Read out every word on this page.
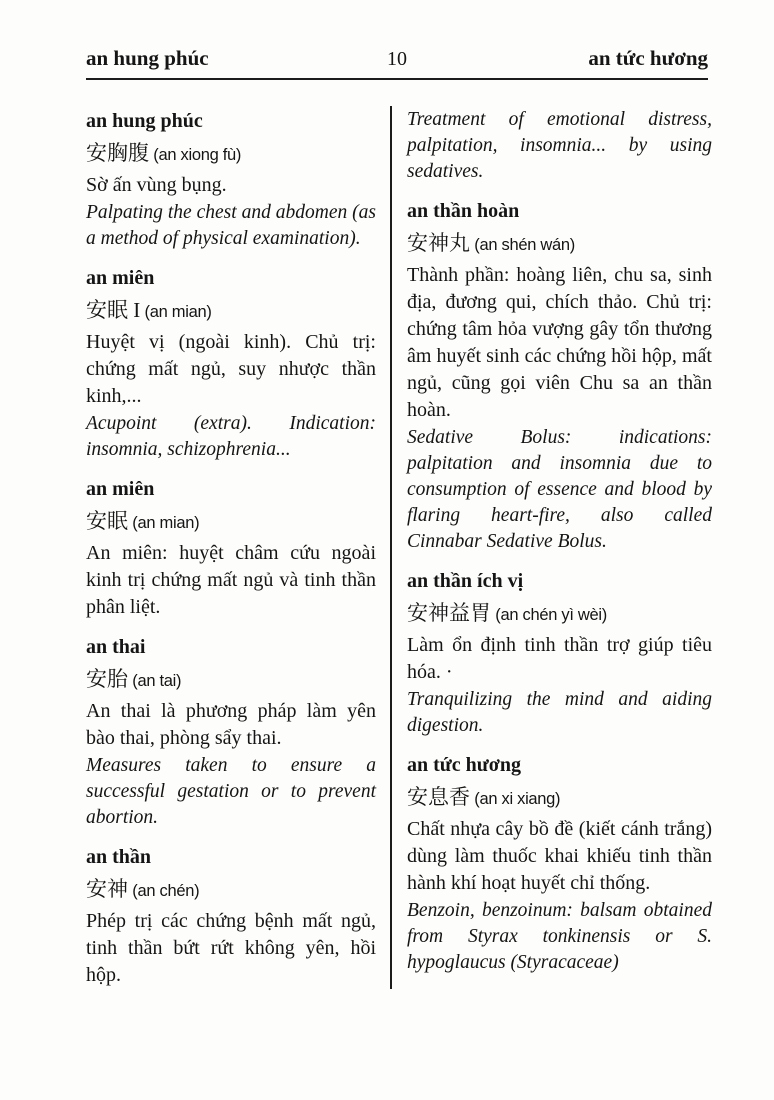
an hung phúc	10	an tức hương

an hung phúc

安胸腹 (an xiong fù)

Sờ ấn vùng bụng.

Palpating the chest and abdomen (as a method of physical examination).

an miên

安眠 I (an mian)

Huyệt vị (ngoài kinh). Chủ trị: chứng mất ngủ, suy nhược thần kinh,...

Acupoint (extra). Indication: insomnia, schizophrenia...

an miên

安眠 (an mian)

An miên: huyệt châm cứu ngoài kinh trị chứng mất ngủ và tinh thần phân liệt.

an thai

安胎 (an tai)

An thai là phương pháp làm yên bào thai, phòng sẩy thai.

Measures taken to ensure a successful gestation or to prevent abortion.

an thần

安神 (an chén)

Phép trị các chứng bệnh mất ngủ, tinh thần bứt rứt không yên, hồi hộp.

Treatment of emotional distress, palpitation, insomnia... by using sedatives.

an thần hoàn

安神丸 (an shén wán)

Thành phần: hoàng liên, chu sa, sinh địa, đương qui, chích thảo. Chủ trị: chứng tâm hỏa vượng gây tổn thương âm huyết sinh các chứng hồi hộp, mất ngủ, cũng gọi viên Chu sa an thần hoàn.

Sedative Bolus: indications: palpitation and insomnia due to consumption of essence and blood by flaring heart-fire, also called Cinnabar Sedative Bolus.

an thần ích vị

安神益胃 (an chén yì wèi)

Làm ổn định tinh thần trợ giúp tiêu hóa. ·

Tranquilizing the mind and aiding digestion.

an tức hương

安息香 (an xi xiang)

Chất nhựa cây bồ đề (kiết cánh trắng) dùng làm thuốc khai khiếu tinh thần hành khí hoạt huyết chỉ thống.

Benzoin, benzoinum: balsam obtained from Styrax tonkinensis or S. hypoglaucus (Styracaceae)
